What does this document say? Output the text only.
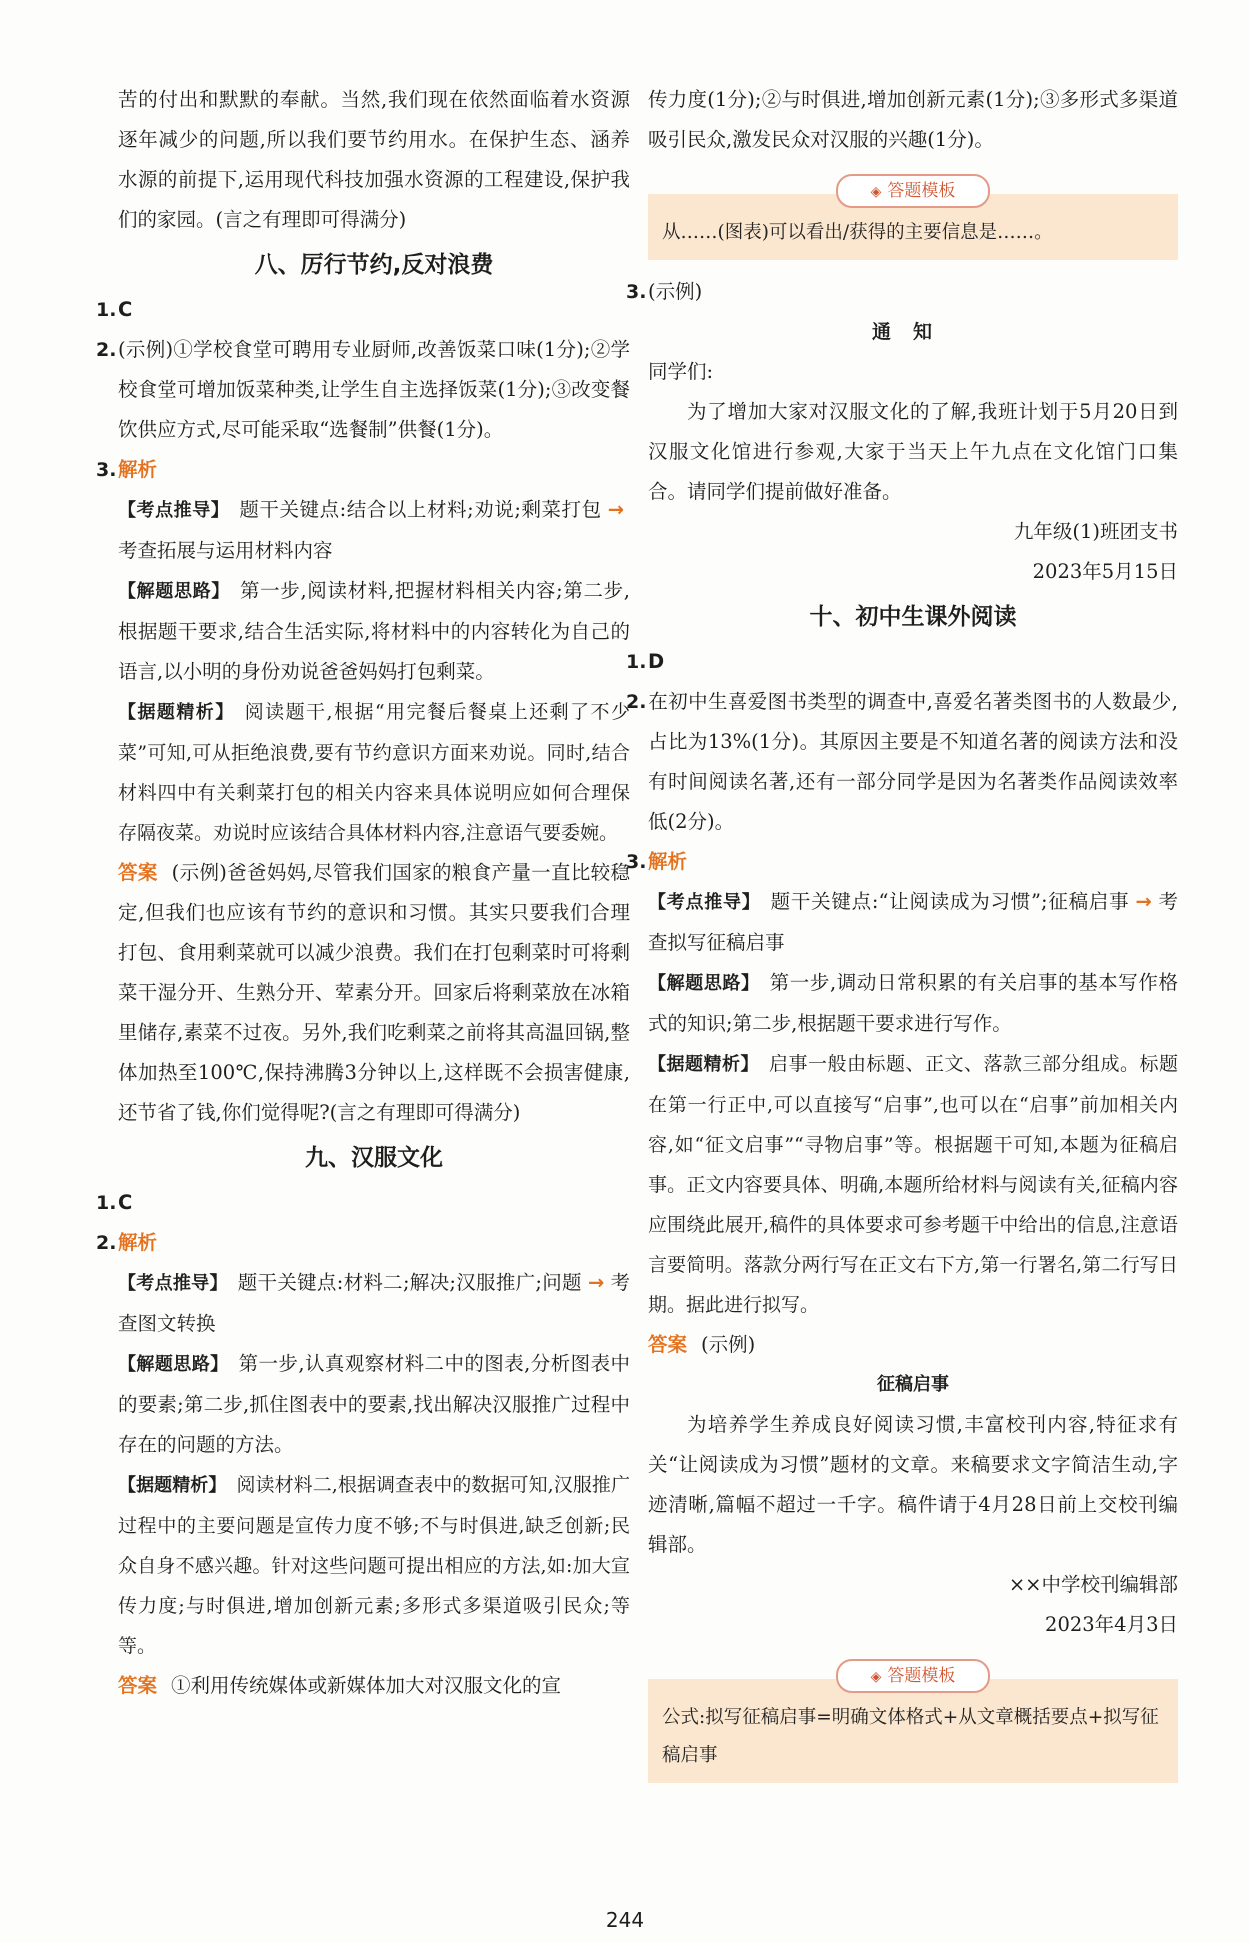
苦的付出和默默的奉献。当然,我们现在依然面临着水资源逐年减少的问题,所以我们要节约用水。在保护生态、涵养水源的前提下,运用现代科技加强水资源的工程建设,保护我们的家园。(言之有理即可得满分)

八、厉行节约,反对浪费

1.C

2.(示例)①学校食堂可聘用专业厨师,改善饭菜口味(1分);②学校食堂可增加饭菜种类,让学生自主选择饭菜(1分);③改变餐饮供应方式,尽可能采取“选餐制”供餐(1分)。

3.解析

【考点推导】 题干关键点:结合以上材料;劝说;剩菜打包 →考查拓展与运用材料内容

【解题思路】 第一步,阅读材料,把握材料相关内容;第二步,根据题干要求,结合生活实际,将材料中的内容转化为自己的语言,以小明的身份劝说爸爸妈妈打包剩菜。

【据题精析】 阅读题干,根据“用完餐后餐桌上还剩了不少菜”可知,可从拒绝浪费,要有节约意识方面来劝说。同时,结合材料四中有关剩菜打包的相关内容来具体说明应如何合理保存隔夜菜。劝说时应该结合具体材料内容,注意语气要委婉。

答案 (示例)爸爸妈妈,尽管我们国家的粮食产量一直比较稳定,但我们也应该有节约的意识和习惯。其实只要我们合理打包、食用剩菜就可以减少浪费。我们在打包剩菜时可将剩菜干湿分开、生熟分开、荤素分开。回家后将剩菜放在冰箱里储存,素菜不过夜。另外,我们吃剩菜之前将其高温回锅,整体加热至100℃,保持沸腾3分钟以上,这样既不会损害健康,还节省了钱,你们觉得呢?(言之有理即可得满分)

九、汉服文化

1.C

2.解析

【考点推导】 题干关键点:材料二;解决;汉服推广;问题 → 考查图文转换

【解题思路】 第一步,认真观察材料二中的图表,分析图表中的要素;第二步,抓住图表中的要素,找出解决汉服推广过程中存在的问题的方法。

【据题精析】 阅读材料二,根据调查表中的数据可知,汉服推广过程中的主要问题是宣传力度不够;不与时俱进,缺乏创新;民众自身不感兴趣。针对这些问题可提出相应的方法,如:加大宣传力度;与时俱进,增加创新元素;多形式多渠道吸引民众;等等。

答案 ①利用传统媒体或新媒体加大对汉服文化的宣

传力度(1分);②与时俱进,增加创新元素(1分);③多形式多渠道吸引民众,激发民众对汉服的兴趣(1分)。

◈ 答题模板
从……(图表)可以看出/获得的主要信息是……。

3.(示例)

通知

同学们:

为了增加大家对汉服文化的了解,我班计划于5月20日到汉服文化馆进行参观,大家于当天上午九点在文化馆门口集合。请同学们提前做好准备。

九年级(1)班团支书

2023年5月15日

十、初中生课外阅读

1.D

2.在初中生喜爱图书类型的调查中,喜爱名著类图书的人数最少,占比为13%(1分)。其原因主要是不知道名著的阅读方法和没有时间阅读名著,还有一部分同学是因为名著类作品阅读效率低(2分)。

3.解析

【考点推导】 题干关键点:“让阅读成为习惯”;征稿启事 → 考查拟写征稿启事

【解题思路】 第一步,调动日常积累的有关启事的基本写作格式的知识;第二步,根据题干要求进行写作。

【据题精析】 启事一般由标题、正文、落款三部分组成。标题在第一行正中,可以直接写“启事”,也可以在“启事”前加相关内容,如“征文启事”“寻物启事”等。根据题干可知,本题为征稿启事。正文内容要具体、明确,本题所给材料与阅读有关,征稿内容应围绕此展开,稿件的具体要求可参考题干中给出的信息,注意语言要简明。落款分两行写在正文右下方,第一行署名,第二行写日期。据此进行拟写。

答案 (示例)

征稿启事

为培养学生养成良好阅读习惯,丰富校刊内容,特征求有关“让阅读成为习惯”题材的文章。来稿要求文字简洁生动,字迹清晰,篇幅不超过一千字。稿件请于4月28日前上交校刊编辑部。

××中学校刊编辑部

2023年4月3日

◈ 答题模板
公式:拟写征稿启事=明确文体格式+从文章概括要点+拟写征稿启事
244
